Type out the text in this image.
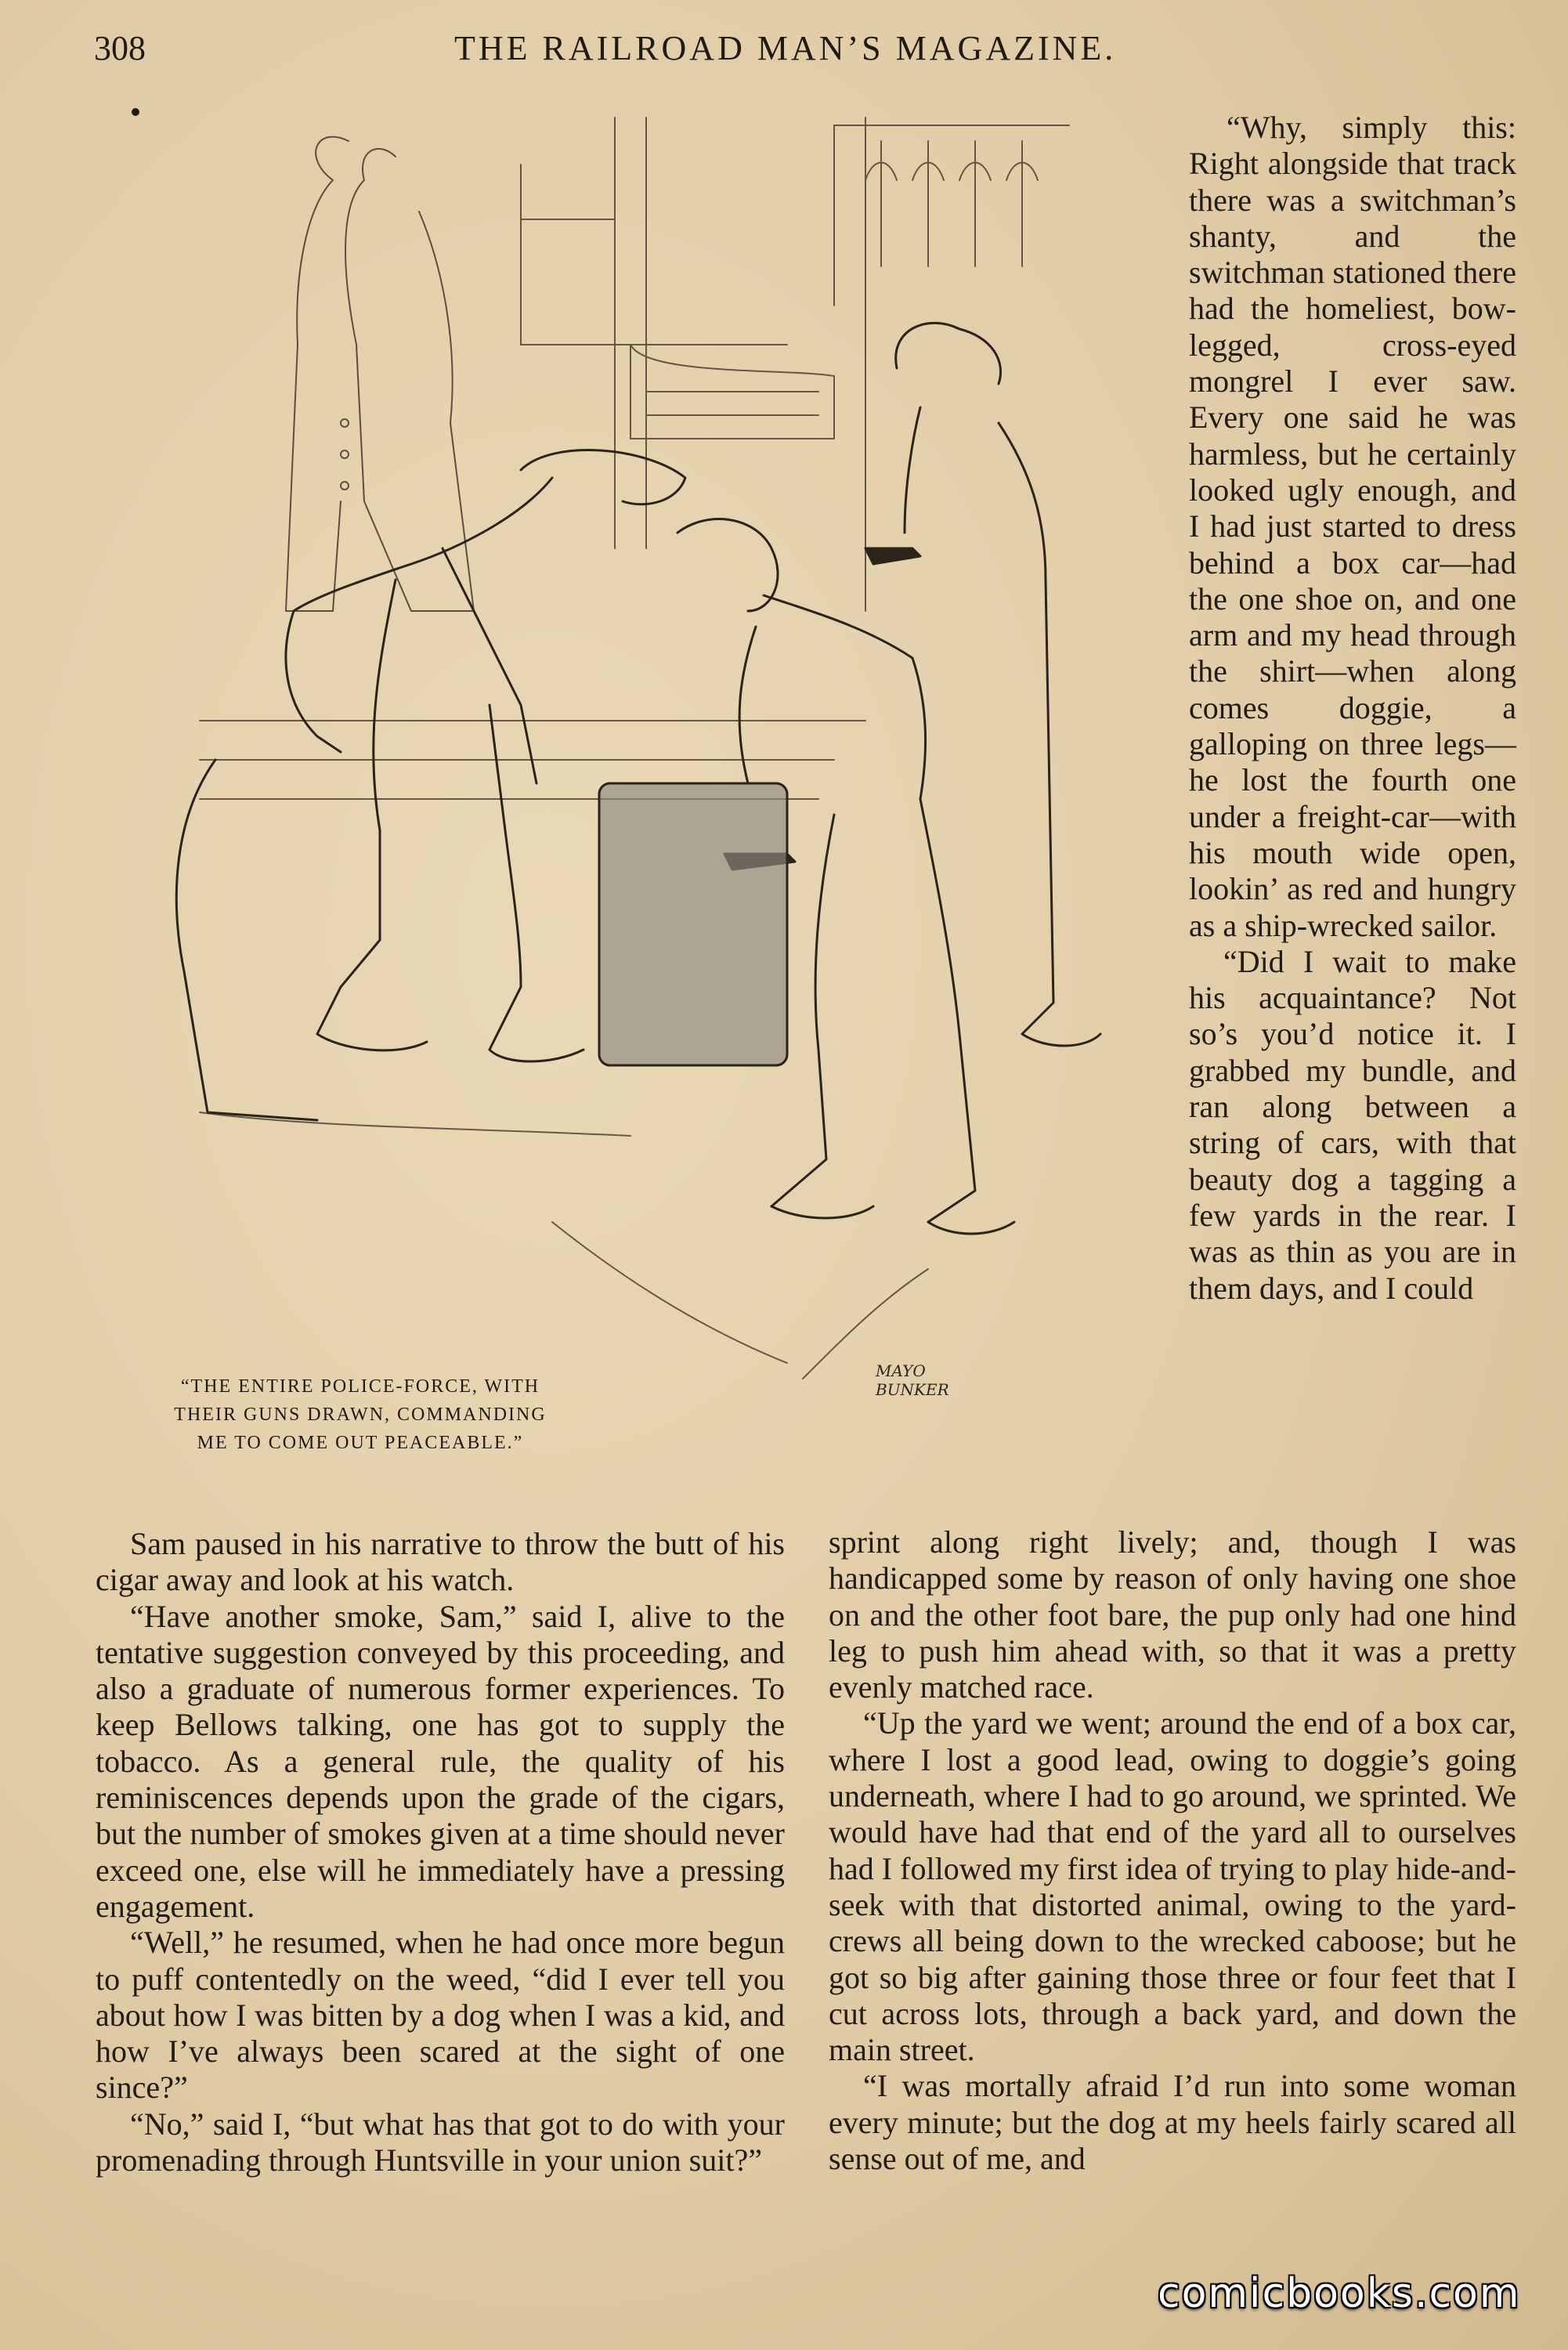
308	THE RAILROAD MAN’S MAGAZINE.
“THE ENTIRE POLICE-FORCE, WITH
THEIR GUNS DRAWN, COMMANDING
ME TO COME OUT PEACEABLE.”
MAYO
BUNKER

“Why, simply this: Right alongside that track there was a switchman’s shanty, and the switchman stationed there had the homeliest, bow-legged, cross-eyed mongrel I ever saw. Every one said he was harmless, but he certainly looked ugly enough, and I had just started to dress behind a box car—had the one shoe on, and one arm and my head through the shirt—when along comes doggie, a galloping on three legs—he lost the fourth one under a freight-car—with his mouth wide open, lookin’ as red and hungry as a ship-wrecked sailor.

“Did I wait to make his acquaintance? Not so’s you’d notice it. I grabbed my bundle, and ran along between a string of cars, with that beauty dog a tagging a few yards in the rear. I was as thin as you are in them days, and I could

Sam paused in his narrative to throw the butt of his cigar away and look at his watch.

“Have another smoke, Sam,” said I, alive to the tentative suggestion conveyed by this proceeding, and also a graduate of numerous former experiences. To keep Bellows talking, one has got to supply the tobacco. As a general rule, the quality of his reminiscences depends upon the grade of the cigars, but the number of smokes given at a time should never exceed one, else will he immediately have a pressing engagement.

“Well,” he resumed, when he had once more begun to puff contentedly on the weed, “did I ever tell you about how I was bitten by a dog when I was a kid, and how I’ve always been scared at the sight of one since?”

“No,” said I, “but what has that got to do with your promenading through Huntsville in your union suit?”

sprint along right lively; and, though I was handicapped some by reason of only having one shoe on and the other foot bare, the pup only had one hind leg to push him ahead with, so that it was a pretty evenly matched race.

“Up the yard we went; around the end of a box car, where I lost a good lead, owing to doggie’s going underneath, where I had to go around, we sprinted. We would have had that end of the yard all to ourselves had I followed my first idea of trying to play hide-and-seek with that distorted animal, owing to the yard-crews all being down to the wrecked caboose; but he got so big after gaining those three or four feet that I cut across lots, through a back yard, and down the main street.

“I was mortally afraid I’d run into some woman every minute; but the dog at my heels fairly scared all sense out of me, and

comicbooks.com
